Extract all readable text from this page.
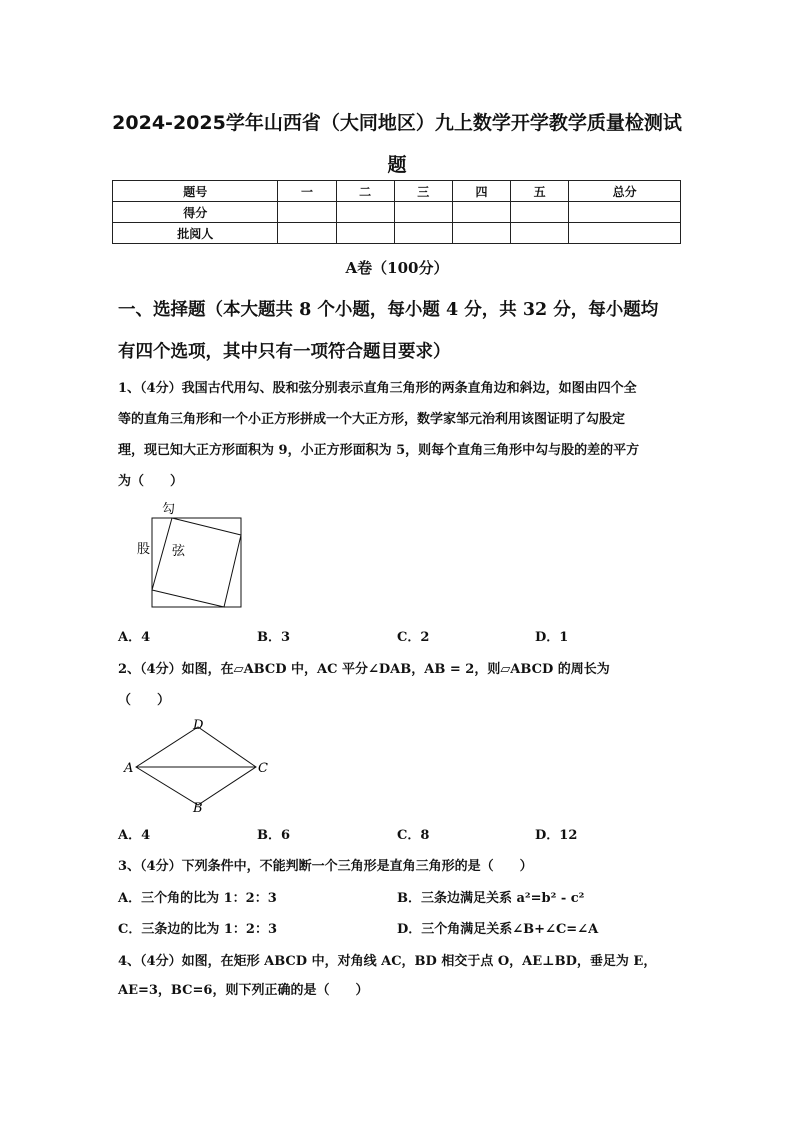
2024-2025学年山西省（大同地区）九上数学开学教学质量检测试
题
题号	一	二	三	四	五	总分
得分						
批阅人						
A卷（100分）
一、选择题（本大题共 8 个小题，每小题 4 分，共 32 分，每小题均
有四个选项，其中只有一项符合题目要求）
1、（4分）我国古代用勾、股和弦分别表示直角三角形的两条直角边和斜边，如图由四个全
等的直角三角形和一个小正方形拼成一个大正方形，数学家邹元治利用该图证明了勾股定
理，现已知大正方形面积为 9，小正方形面积为 5，则每个直角三角形中勾与股的差的平方
为（　　）
勾
股 弦
A．4	B．3	C．2	D．1
2、（4分）如图，在▱ABCD 中，AC 平分∠DAB，AB = 2，则▱ABCD 的周长为
（　　）
A
B
C
D
A．4	B．6	C．8	D．12
3、（4分）下列条件中，不能判断一个三角形是直角三角形的是（　　）
A．三个角的比为 1：2：3	B．三条边满足关系 a²=b² - c²
C．三条边的比为 1：2：3	D．三个角满足关系∠B+∠C=∠A
4、（4分）如图，在矩形 ABCD 中，对角线 AC，BD 相交于点 O，AE⊥BD，垂足为 E，
AE=3，BC=6，则下列正确的是（　　）
